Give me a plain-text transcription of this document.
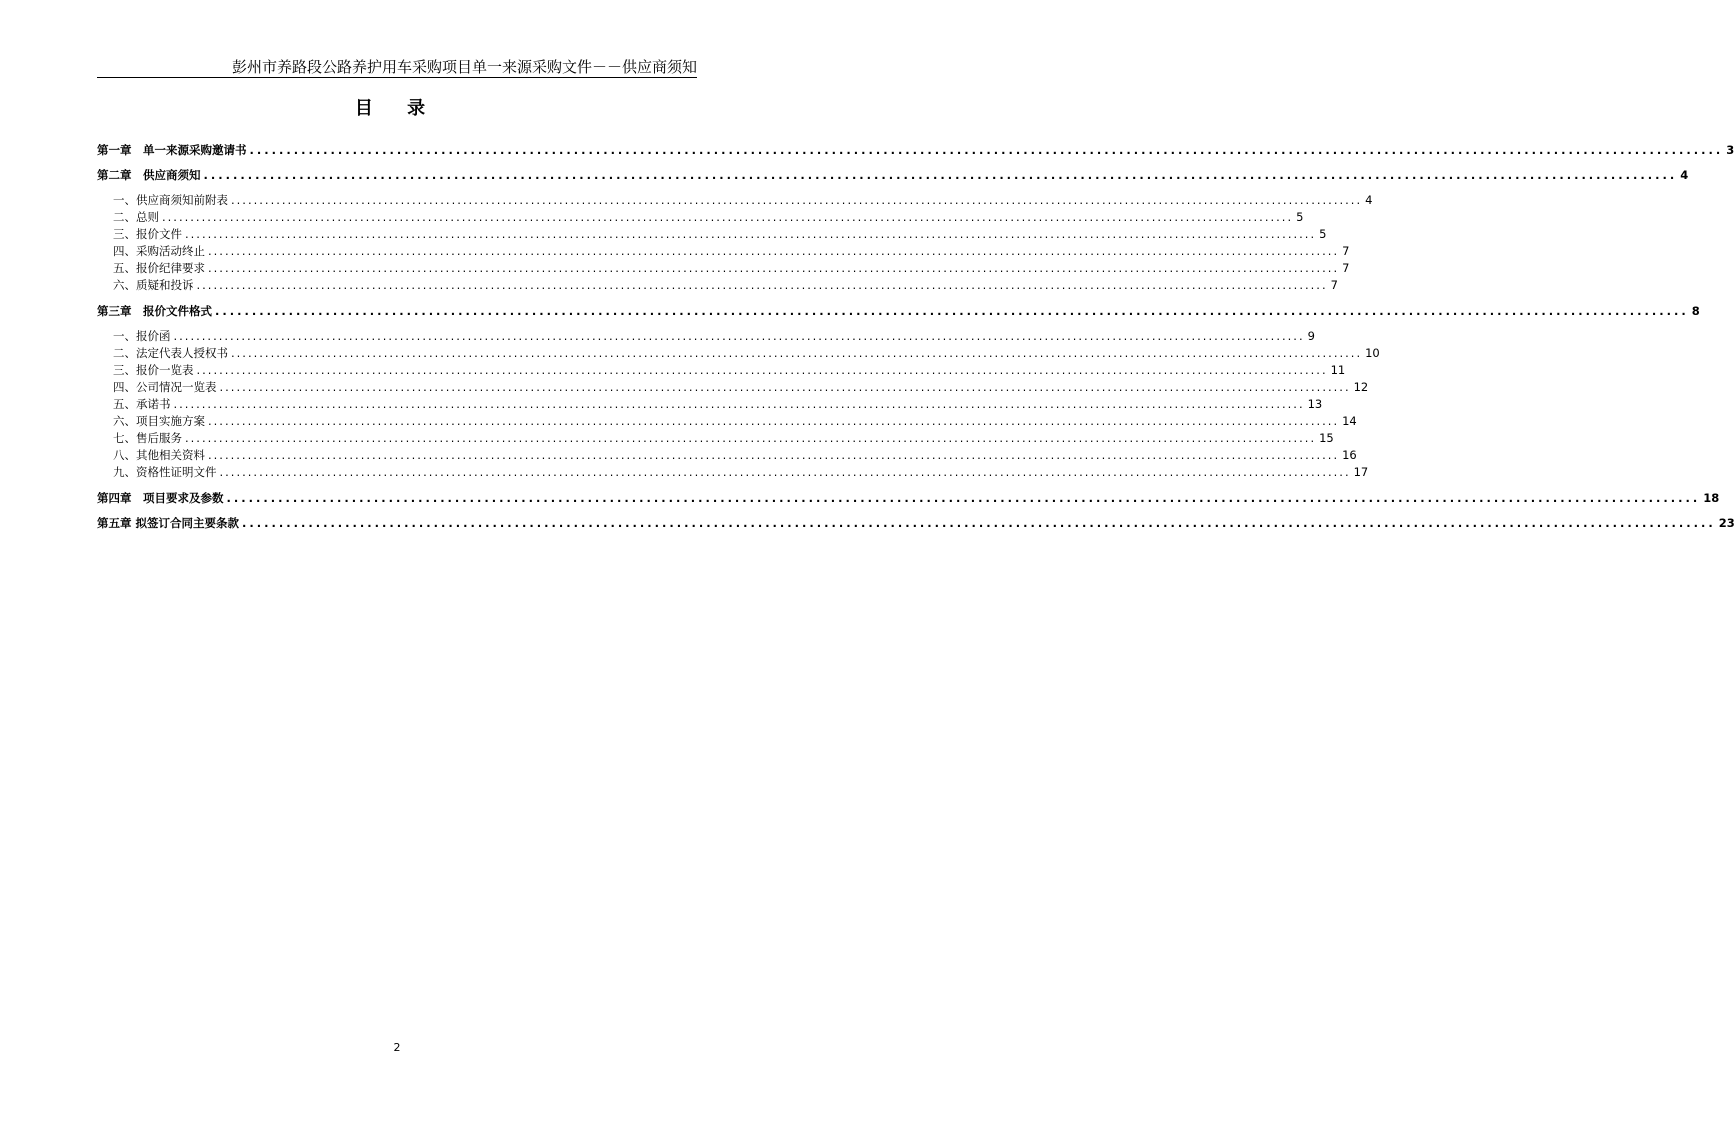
彭州市养路段公路养护用车采购项目单一来源采购文件－－供应商须知
目 录
第一章　单一来源采购邀请书 ........................................................................................................................................................................................................ 3
第二章　供应商须知 ........................................................................................................................................................................................................ 4
一、供应商须知前附表 ........................................................................................................................................................................................................ 4
二、总则 ........................................................................................................................................................................................................ 5
三、报价文件 ........................................................................................................................................................................................................ 5
四、采购活动终止 ........................................................................................................................................................................................................ 7
五、报价纪律要求 ........................................................................................................................................................................................................ 7
六、质疑和投诉 ........................................................................................................................................................................................................ 7
第三章　报价文件格式 ........................................................................................................................................................................................................ 8
一、报价函 ........................................................................................................................................................................................................ 9
二、法定代表人授权书 ........................................................................................................................................................................................................ 10
三、报价一览表 ........................................................................................................................................................................................................ 11
四、公司情况一览表 ........................................................................................................................................................................................................ 12
五、承诺书 ........................................................................................................................................................................................................ 13
六、项目实施方案 ........................................................................................................................................................................................................ 14
七、售后服务 ........................................................................................................................................................................................................ 15
八、其他相关资料 ........................................................................................................................................................................................................ 16
九、资格性证明文件 ........................................................................................................................................................................................................ 17
第四章　项目要求及参数 ........................................................................................................................................................................................................ 18
第五章 拟签订合同主要条款 ........................................................................................................................................................................................................ 23
2
